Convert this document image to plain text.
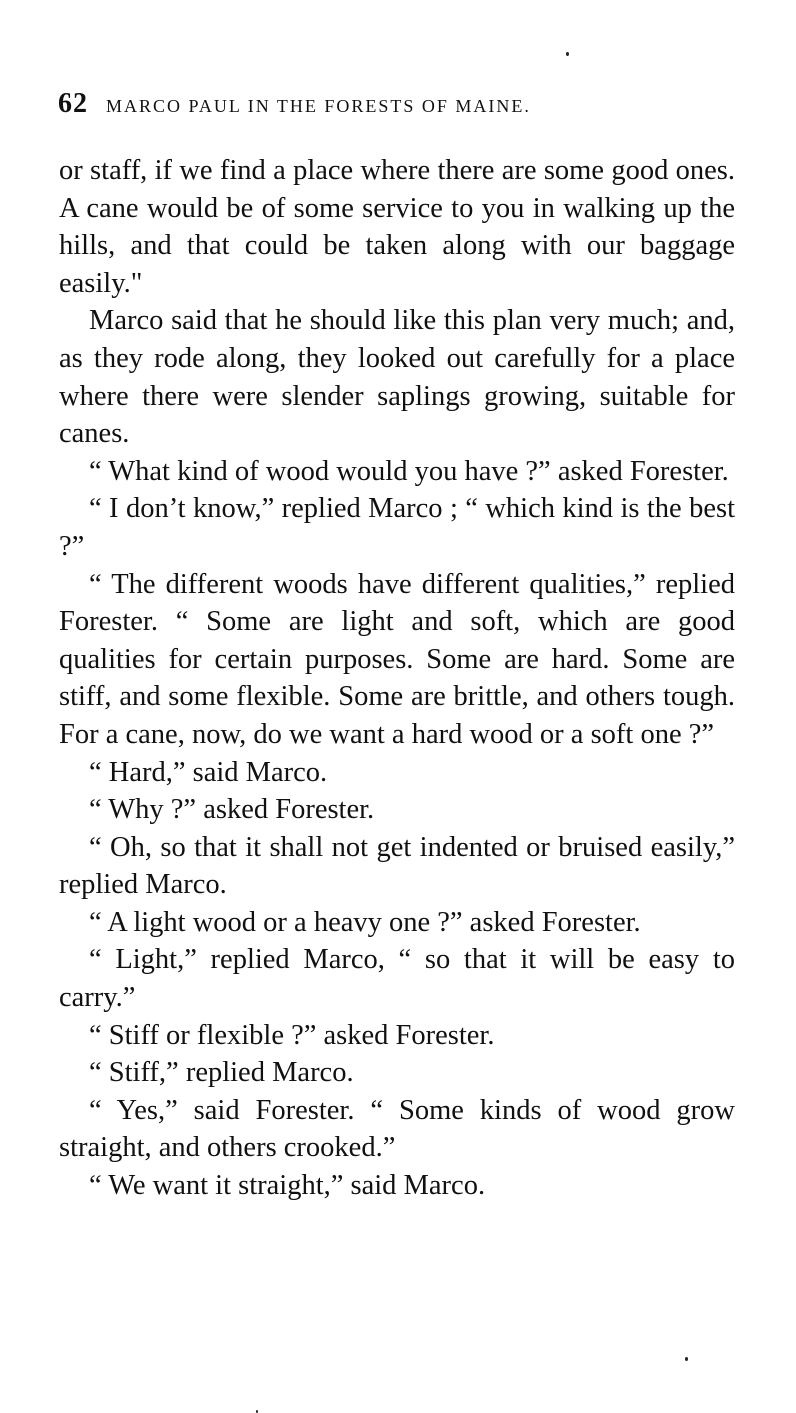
62 MARCO PAUL IN THE FORESTS OF MAINE.

or staff, if we find a place where there are some good ones. A cane would be of some service to you in walking up the hills, and that could be taken along with our baggage easily."

Marco said that he should like this plan very much; and, as they rode along, they looked out carefully for a place where there were slender saplings growing, suitable for canes.

“ What kind of wood would you have ?” asked Forester.

“ I don’t know,” replied Marco ; “ which kind is the best ?”

“ The different woods have different qualities,” replied Forester. “ Some are light and soft, which are good qualities for certain purposes. Some are hard. Some are stiff, and some flexible. Some are brittle, and others tough. For a cane, now, do we want a hard wood or a soft one ?”

“ Hard,” said Marco.

“ Why ?” asked Forester.

“ Oh, so that it shall not get indented or bruised easily,” replied Marco.

“ A light wood or a heavy one ?” asked Forester.

“ Light,” replied Marco, “ so that it will be easy to carry.”

“ Stiff or flexible ?” asked Forester.

“ Stiff,” replied Marco.

“ Yes,” said Forester. “ Some kinds of wood grow straight, and others crooked.”

“ We want it straight,” said Marco.
